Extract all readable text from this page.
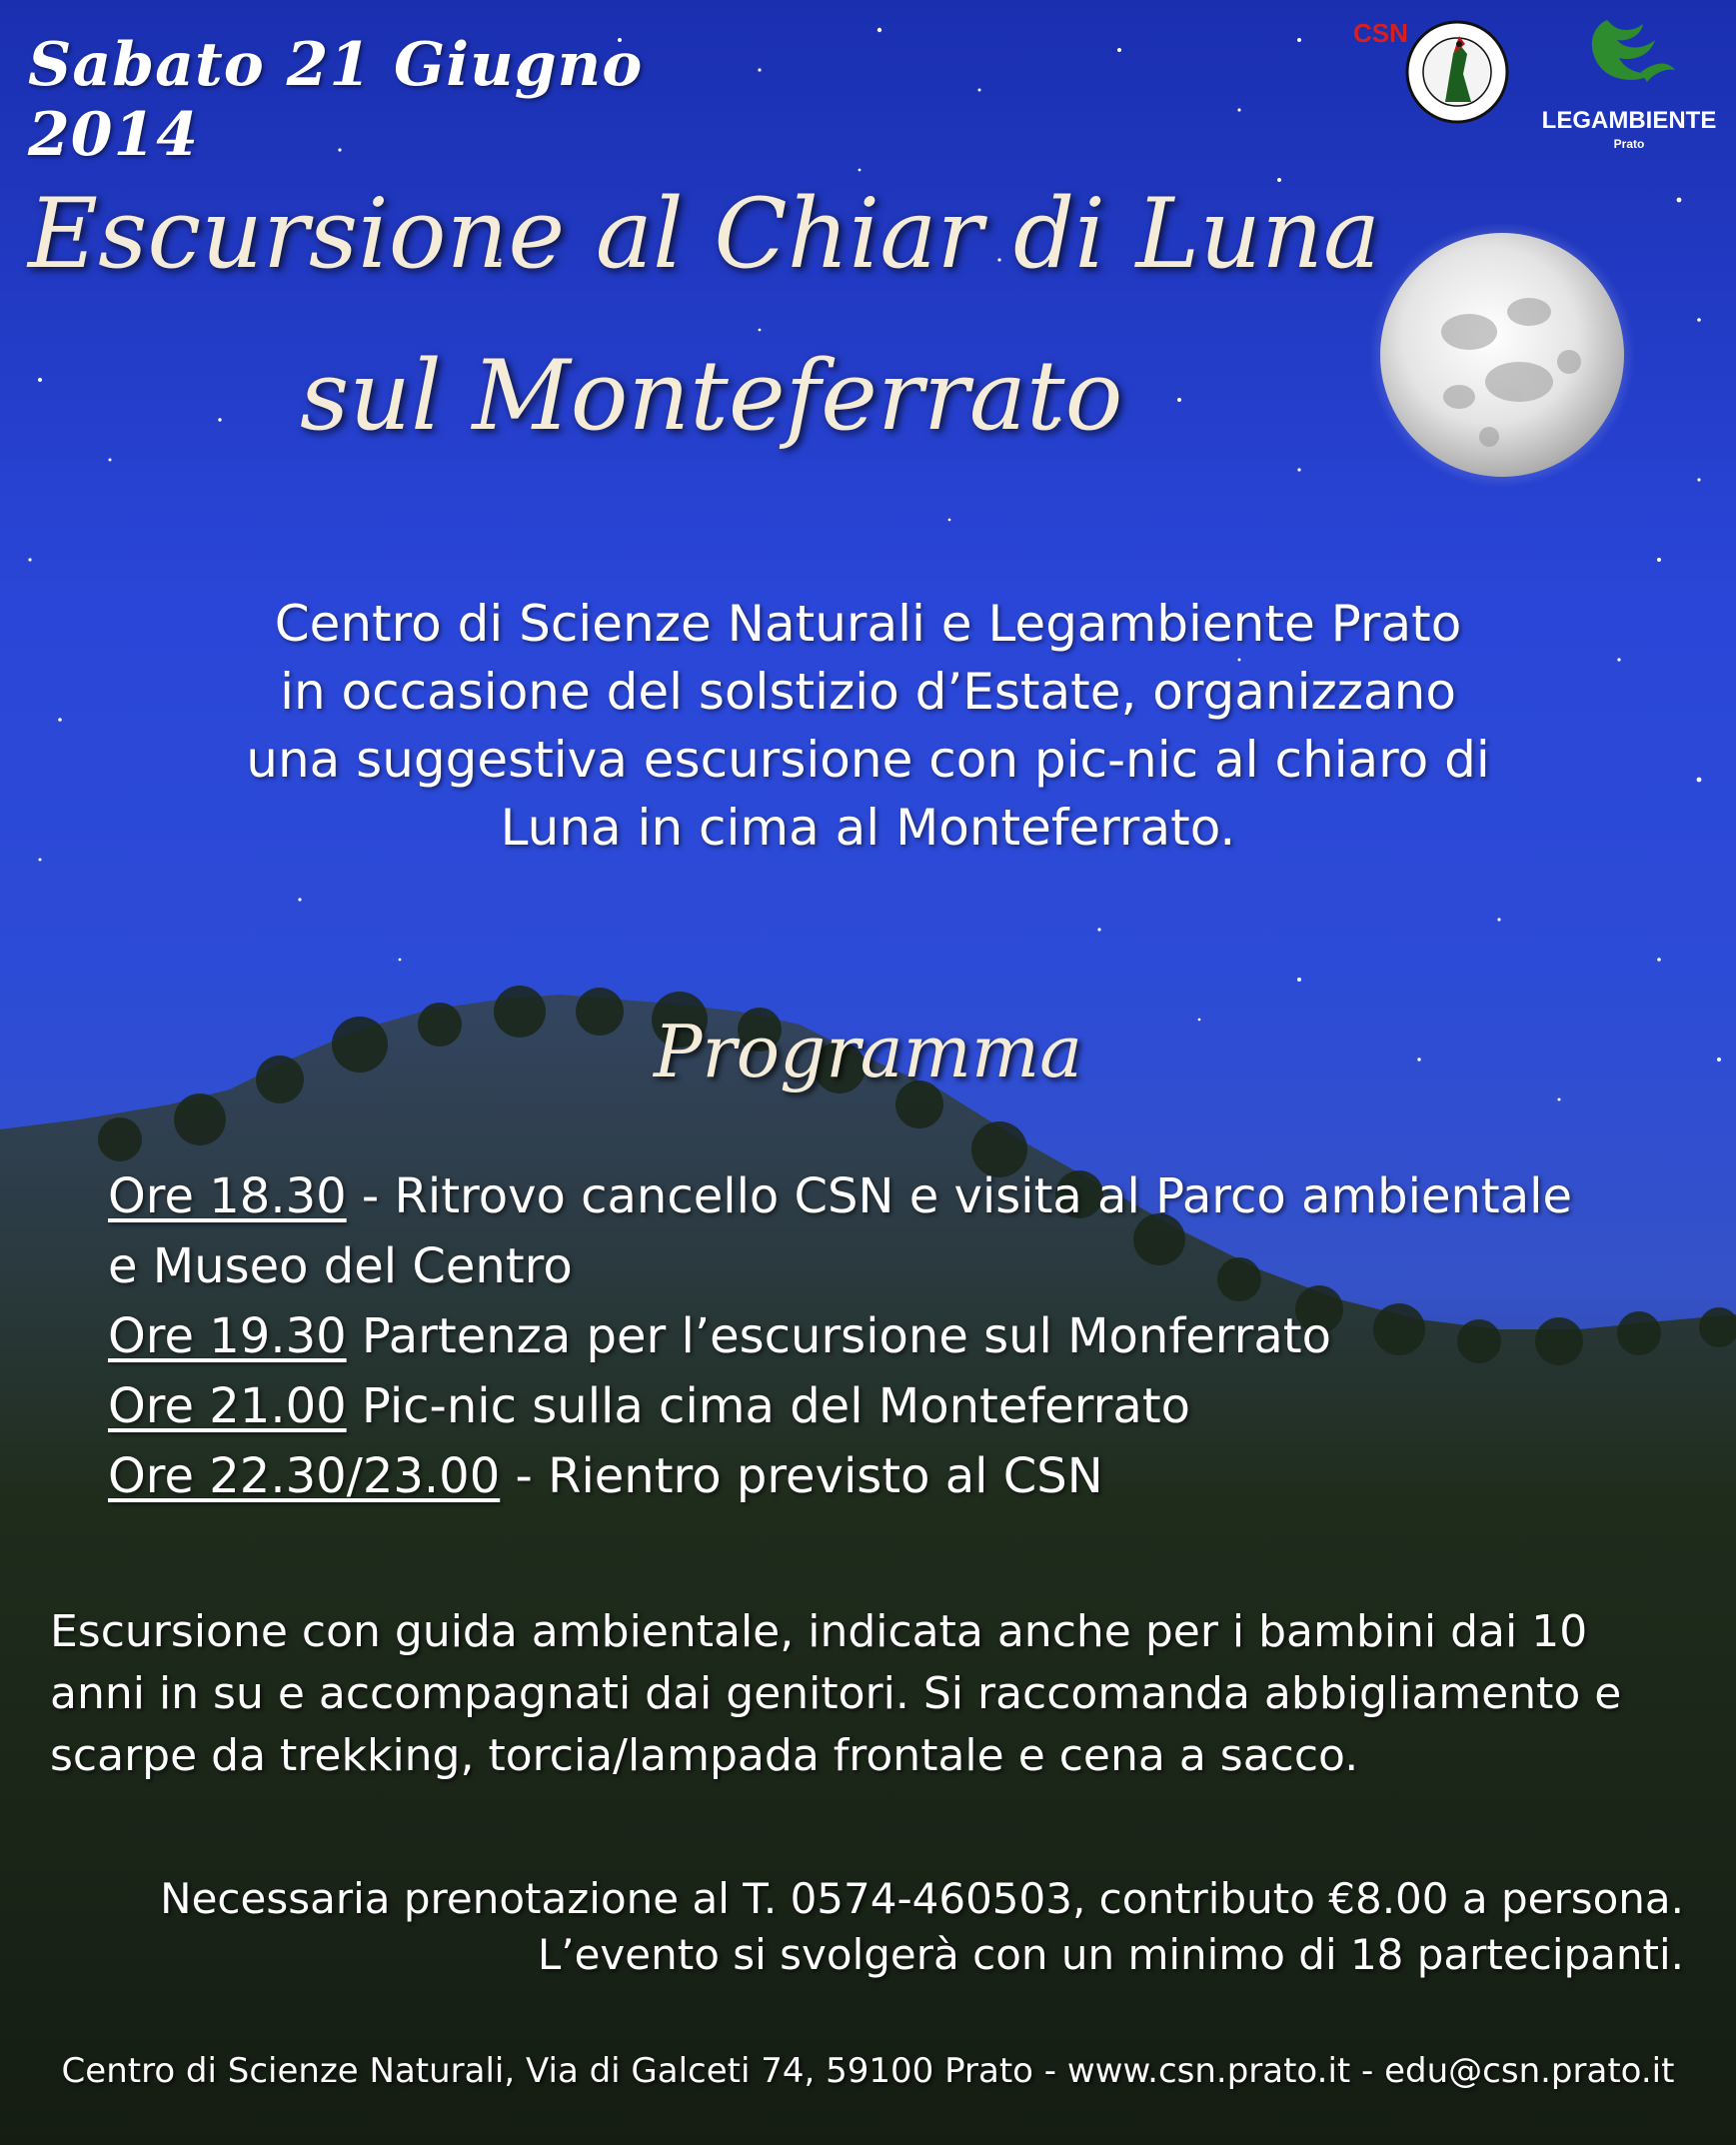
Sabato 21 Giugno 2014
Escursione al Chiar di Luna
sul Monteferrato
CSN
LEGAMBIENTE
Prato
Centro di Scienze Naturali e Legambiente Prato
in occasione del solstizio d’Estate, organizzano
una suggestiva escursione con pic-nic al chiaro di
Luna in cima al Monteferrato.
Programma
Ore 18.30 - Ritrovo cancello CSN e visita al Parco ambientale
e Museo del Centro
Ore 19.30 Partenza per l’escursione sul Monferrato
Ore 21.00 Pic-nic sulla cima del Monteferrato
Ore 22.30/23.00 - Rientro previsto al CSN
Escursione con guida ambientale, indicata anche per i bambini dai 10
anni in su e accompagnati dai genitori. Si raccomanda abbigliamento e
scarpe da trekking, torcia/lampada frontale e cena a sacco.
Necessaria prenotazione al T. 0574-460503, contributo €8.00 a persona.
L’evento si svolgerà con un minimo di 18 partecipanti.
Centro di Scienze Naturali, Via di Galceti 74, 59100 Prato - www.csn.prato.it - edu@csn.prato.it
